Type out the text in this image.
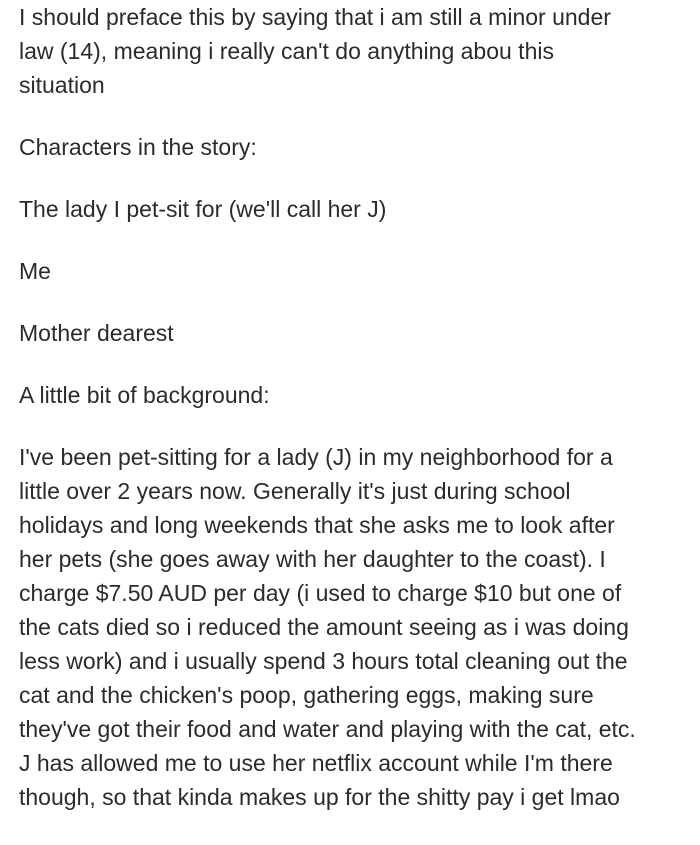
I should preface this by saying that i am still a minor under
law (14), meaning i really can't do anything abou this
situation
Characters in the story:
The lady I pet-sit for (we'll call her J)
Me
Mother dearest
A little bit of background:
I've been pet-sitting for a lady (J) in my neighborhood for a
little over 2 years now. Generally it's just during school
holidays and long weekends that she asks me to look after
her pets (she goes away with her daughter to the coast). I
charge $7.50 AUD per day (i used to charge $10 but one of
the cats died so i reduced the amount seeing as i was doing
less work) and i usually spend 3 hours total cleaning out the
cat and the chicken's poop, gathering eggs, making sure
they've got their food and water and playing with the cat, etc.
J has allowed me to use her netflix account while I'm there
though, so that kinda makes up for the shitty pay i get lmao
